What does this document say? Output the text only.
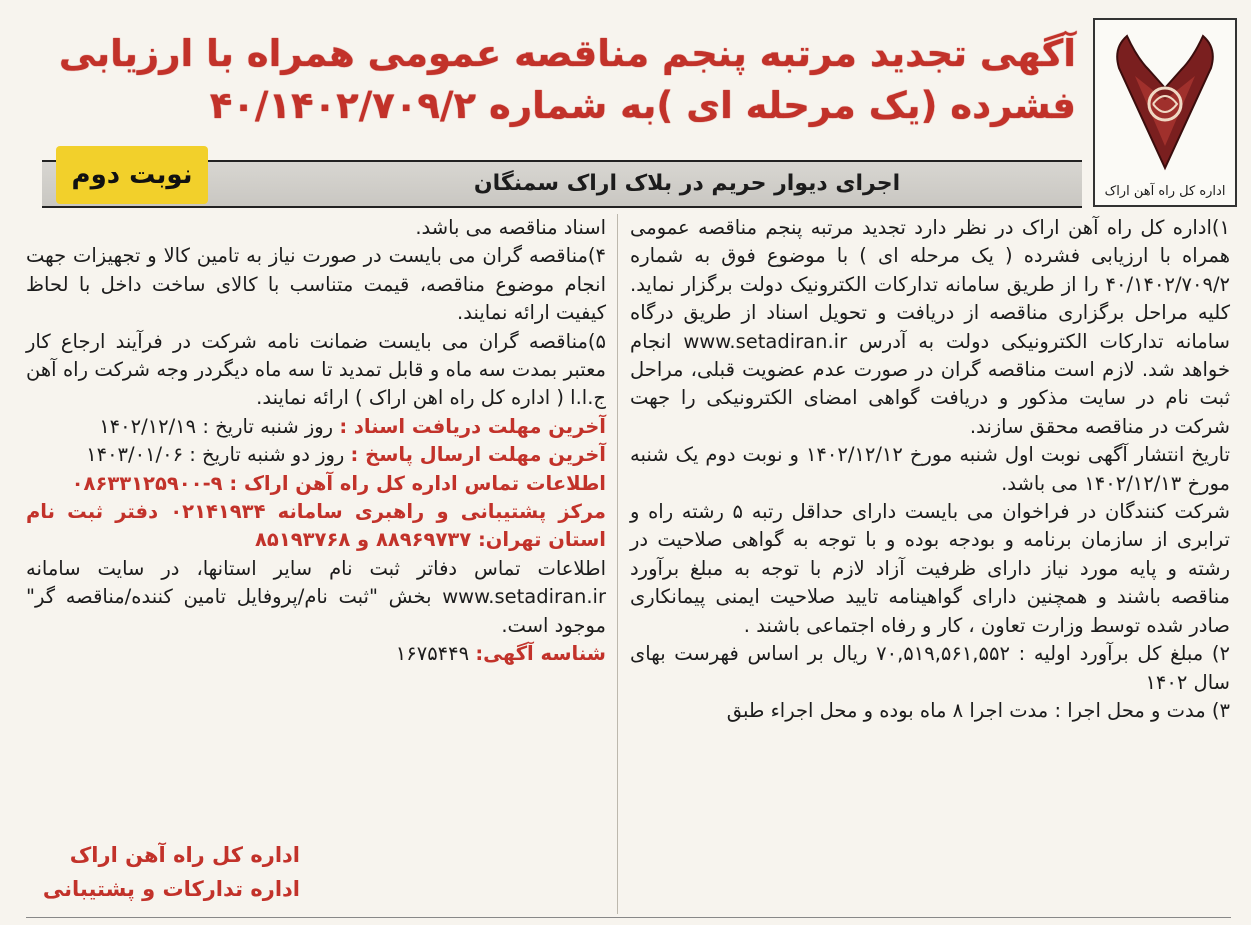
اداره کل راه آهن اراک
آگهی تجدید مرتبه پنجم مناقصه عمومی همراه با ارزیابی
فشرده (یک مرحله ای )به شماره ۴۰/۱۴۰۲/۷۰۹/۲
اجرای دیوار حریم در بلاک اراک سمنگان
نوبت دوم

۱)اداره کل راه آهن اراک در نظر دارد تجدید مرتبه پنجم مناقصه عمومی همراه با ارزیابی فشرده ( یک مرحله ای ) با موضوع فوق به شماره ۴۰/۱۴۰۲/۷۰۹/۲ را از طریق سامانه تدارکات الکترونیک دولت برگزار نماید. کلیه مراحل برگزاری مناقصه از دریافت و تحویل اسناد از طریق درگاه سامانه تدارکات الکترونیکی دولت به آدرس www.setadiran.ir انجام خواهد شد. لازم است مناقصه گران در صورت عدم عضویت قبلی، مراحل ثبت نام در سایت مذکور و دریافت گواهی امضای الکترونیکی را جهت شرکت در مناقصه محقق سازند.

تاریخ انتشار آگهی نوبت اول شنبه مورخ ۱۴۰۲/۱۲/۱۲ و نوبت دوم یک شنبه مورخ ۱۴۰۲/۱۲/۱۳ می باشد.

شرکت کنندگان در فراخوان می بایست دارای حداقل رتبه ۵ رشته راه و ترابری از سازمان برنامه و بودجه بوده و با توجه به گواهی صلاحیت در رشته و پایه مورد نیاز دارای ظرفیت آزاد لازم با توجه به مبلغ برآورد مناقصه باشند و همچنین دارای گواهینامه تایید صلاحیت ایمنی پیمانکاری صادر شده توسط وزارت تعاون ، کار و رفاه اجتماعی باشند .

۲) مبلغ کل برآورد اولیه : ۷۰,۵۱۹,۵۶۱,۵۵۲ ریال بر اساس فهرست بهای سال ۱۴۰۲

۳) مدت و محل اجرا : مدت اجرا ۸ ماه بوده و محل اجراء طبق

اسناد مناقصه می باشد.

۴)مناقصه گران می بایست در صورت نیاز به تامین کالا و تجهیزات جهت انجام موضوع مناقصه، قیمت متناسب با کالای ساخت داخل با لحاظ کیفیت ارائه نمایند.

۵)مناقصه گران می بایست ضمانت نامه شرکت در فرآیند ارجاع کار معتبر بمدت سه ماه و قابل تمدید تا سه ماه دیگردر وجه شرکت راه آهن ج.ا.ا ( اداره کل راه اهن اراک ) ارائه نمایند.

آخرین مهلت دریافت اسناد : روز شنبه تاریخ : ۱۴۰۲/۱۲/۱۹

آخرین مهلت ارسال پاسخ : روز دو شنبه تاریخ : ۱۴۰۳/۰۱/۰۶

اطلاعات تماس اداره کل راه آهن اراک : ۹-۰۸۶۳۳۱۲۵۹۰۰

مرکز پشتیبانی و راهبری سامانه ۰۲۱۴۱۹۳۴ دفتر ثبت نام استان تهران: ۸۸۹۶۹۷۳۷ و ۸۵۱۹۳۷۶۸

اطلاعات تماس دفاتر ثبت نام سایر استانها، در سایت سامانه www.setadiran.ir بخش "ثبت نام/پروفایل تامین کننده/مناقصه گر" موجود است.

شناسه آگهی: ۱۶۷۵۴۴۹

اداره کل راه آهن اراک
اداره تدارکات و پشتیبانی
